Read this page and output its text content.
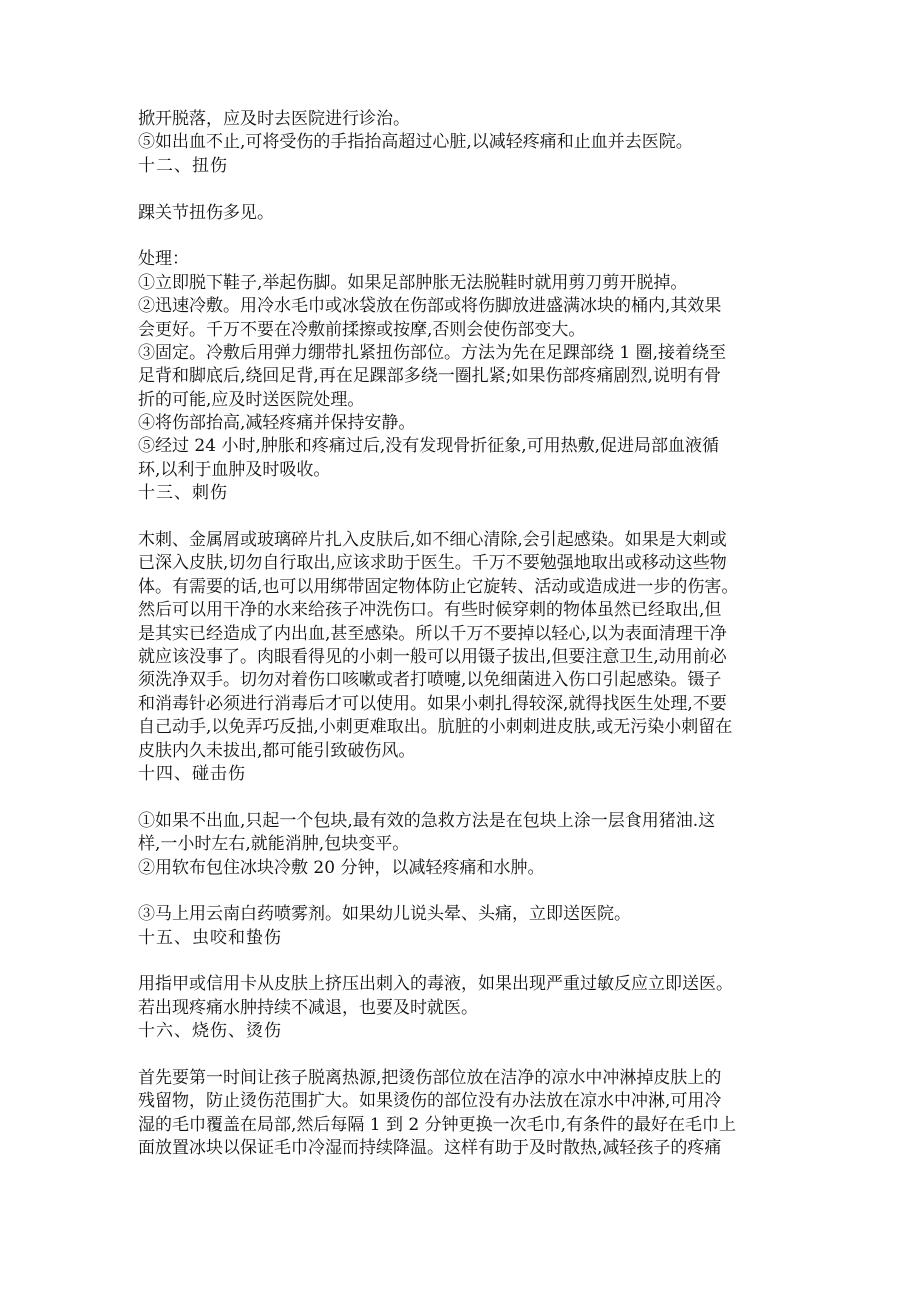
掀开脱落，应及时去医院进行诊治。
⑤如出血不止,可将受伤的手指抬高超过心脏,以减轻疼痛和止血并去医院。
十二、扭伤
踝关节扭伤多见。
处理：
①立即脱下鞋子,举起伤脚。如果足部肿胀无法脱鞋时就用剪刀剪开脱掉。
②迅速冷敷。用冷水毛巾或冰袋放在伤部或将伤脚放进盛满冰块的桶内,其效果
会更好。千万不要在冷敷前揉擦或按摩,否则会使伤部变大。
③固定。冷敷后用弹力绷带扎紧扭伤部位。方法为先在足踝部绕 1 圈,接着绕至
足背和脚底后,绕回足背,再在足踝部多绕一圈扎紧;如果伤部疼痛剧烈,说明有骨
折的可能,应及时送医院处理。
④将伤部抬高,减轻疼痛并保持安静。
⑤经过 24 小时,肿胀和疼痛过后,没有发现骨折征象,可用热敷,促进局部血液循
环,以利于血肿及时吸收。
十三、刺伤
木刺、金属屑或玻璃碎片扎入皮肤后,如不细心清除,会引起感染。如果是大刺或
已深入皮肤,切勿自行取出,应该求助于医生。千万不要勉强地取出或移动这些物
体。有需要的话,也可以用绑带固定物体防止它旋转、活动或造成进一步的伤害。
然后可以用干净的水来给孩子冲洗伤口。有些时候穿刺的物体虽然已经取出,但
是其实已经造成了内出血,甚至感染。所以千万不要掉以轻心,以为表面清理干净
就应该没事了。肉眼看得见的小刺一般可以用镊子拔出,但要注意卫生,动用前必
须洗净双手。切勿对着伤口咳嗽或者打喷嚏,以免细菌进入伤口引起感染。镊子
和消毒针必须进行消毒后才可以使用。如果小刺扎得较深,就得找医生处理,不要
自己动手,以免弄巧反拙,小刺更难取出。肮脏的小刺刺进皮肤,或无污染小刺留在
皮肤内久未拔出,都可能引致破伤风。
十四、碰击伤
①如果不出血,只起一个包块,最有效的急救方法是在包块上涂一层食用猪油.这
样,一小时左右,就能消肿,包块变平。
②用软布包住冰块冷敷 20 分钟，以减轻疼痛和水肿。
③马上用云南白药喷雾剂。如果幼儿说头晕、头痛，立即送医院。
十五、虫咬和蛰伤
用指甲或信用卡从皮肤上挤压出刺入的毒液，如果出现严重过敏反应立即送医。
若出现疼痛水肿持续不减退，也要及时就医。
十六、烧伤、烫伤
首先要第一时间让孩子脱离热源,把烫伤部位放在洁净的凉水中冲淋掉皮肤上的
残留物，防止烫伤范围扩大。如果烫伤的部位没有办法放在凉水中冲淋,可用冷
湿的毛巾覆盖在局部,然后每隔 1 到 2 分钟更换一次毛巾,有条件的最好在毛巾上
面放置冰块以保证毛巾冷湿而持续降温。这样有助于及时散热,减轻孩子的疼痛
